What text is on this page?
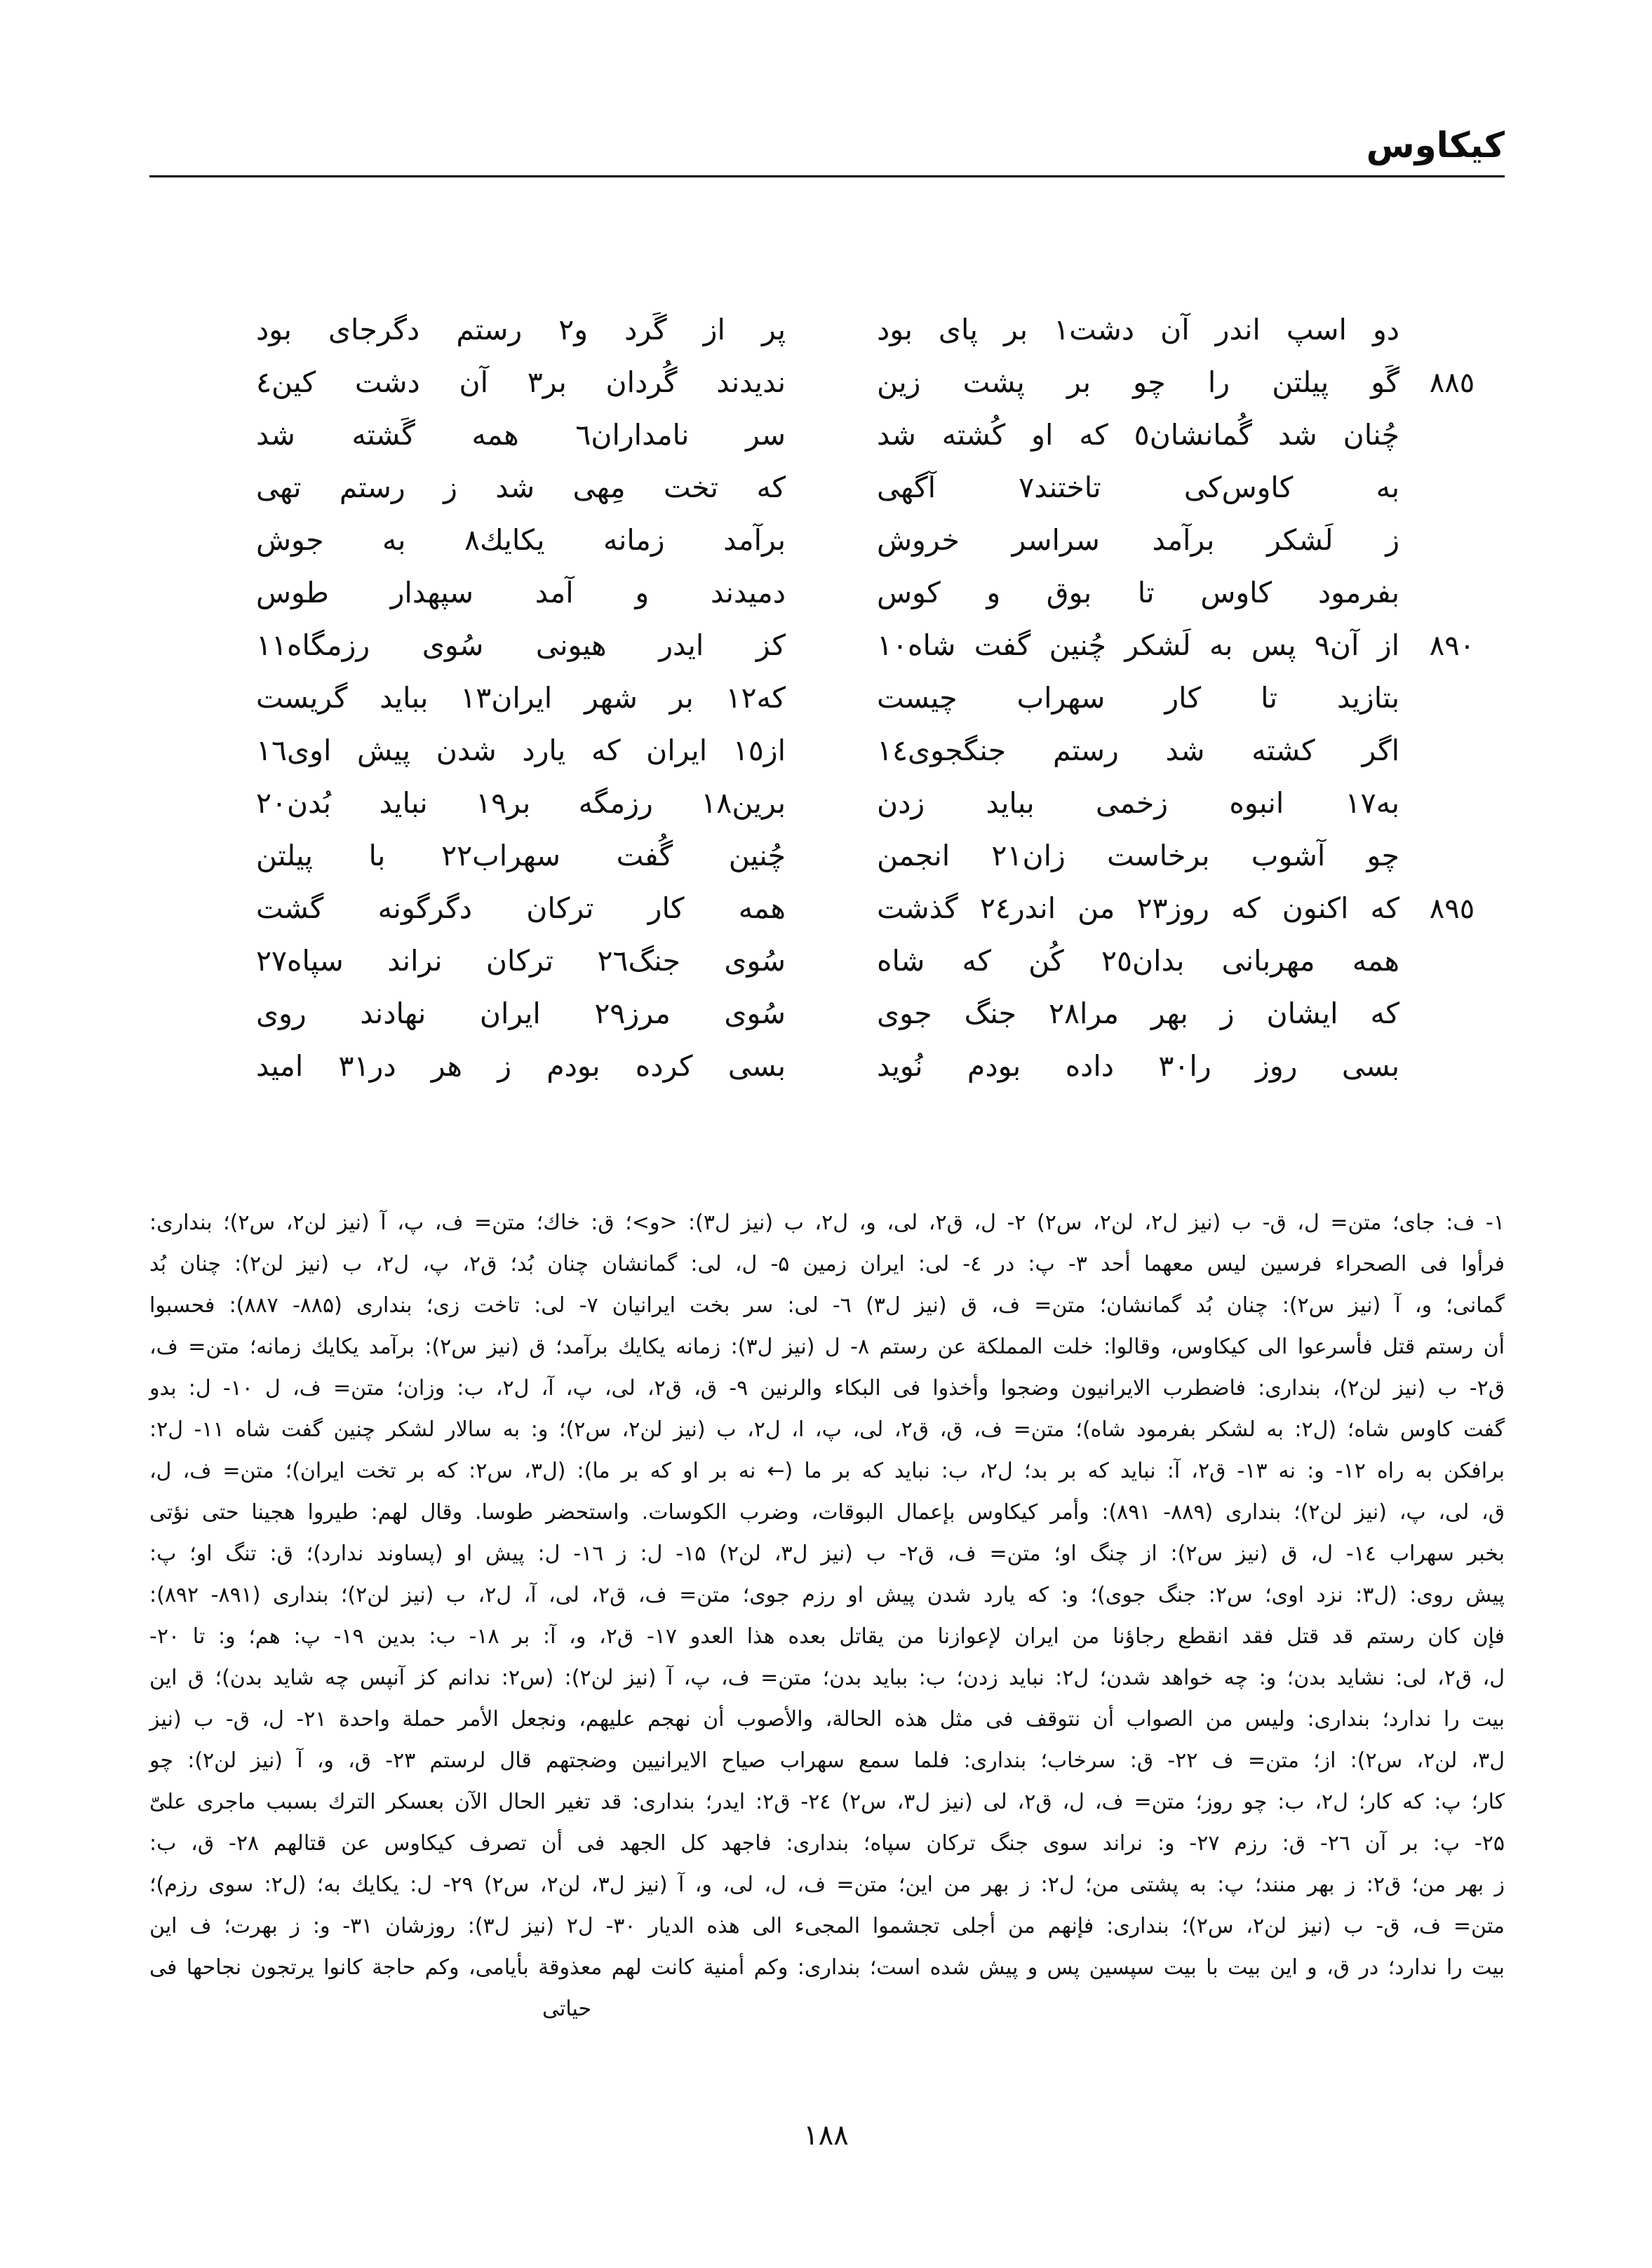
کیکاوس
دو اسپ اندر آن دشت١ بر پای بود
پر از گَرد و٢ رستم دگرجای بود
٨٨٥
گَو پیلتن را چو بر پشت زین
ندیدند گُردان بر٣ آن دشت کین٤
چُنان شد گُمانشان٥ که او کُشته شد
سر نامداران٦ همه گَشته شد
به کاوس‌کی تاختند٧ آگهی
که تخت مِهی شد ز رستم تهی
ز لَشکر برآمد سراسر خروش
برآمد زمانه یکایك٨ به جوش
بفرمود کاوس تا بوق و کوس
دمیدند و آمد سپهدار طوس
٨٩٠
از آن٩ پس به لَشکر چُنین گفت شاه١٠
کز ایدر هیونی سُوی رزمگاه١١
بتازید تا کار سهراب چیست
که١٢ بر شهر ایران١٣ بباید گریست
اگر کشته شد رستم جنگجوی١٤
از١٥ ایران که یارد شدن پیش اوی١٦
به١٧ انبوه زخمی بباید زدن
برین١٨ رزمگه بر١٩ نباید بُدن٢٠
چو آشوب برخاست زان٢١ انجمن
چُنین گُفت سهراب٢٢ با پیلتن
٨٩٥
که اکنون که روز٢٣ من اندر٢٤ گذشت
همه کار ترکان دگرگونه گشت
همه مهربانی بدان٢٥ کُن که شاه
سُوی جنگ٢٦ ترکان نراند سپاه٢٧
که ایشان ز بهر مرا٢٨ جنگ جوی
سُوی مرز٢٩ ایران نهادند روی
بسی روز را٣٠ داده بودم نُوید
بسی کرده بودم ز هر در٣١ امید
۱- ف: جای؛ متن= ل، ق- ب (نیز ل۲، لن۲، س۲) ۲- ل، ق۲، لی، و، ل۲، ب (نیز ل۳): <و>؛ ق: خاك؛ متن= ف، پ، آ (نیز لن۲، س۲)؛ بنداری:
فرأوا فی الصحراء فرسین لیس معهما أحد ۳- پ: در ٤- لی: ایران زمین ۵- ل، لی: گمانشان چنان بُد؛ ق۲، پ، ل۲، ب (نیز لن۲): چنان بُد
گمانی؛ و، آ (نیز س۲): چنان بُد گمانشان؛ متن= ف، ق (نیز ل۳) ٦- لی: سر بخت ایرانیان ۷- لی: تاخت زی؛ بنداری (۸۸۵- ۸۸۷): فحسبوا
أن رستم قتل فأسرعوا الی کیکاوس، وقالوا: خلت المملکة عن رستم ۸- ل (نیز ل۳): زمانه یکایك برآمد؛ ق (نیز س۲): برآمد یکایك زمانه؛ متن= ف،
ق۲- ب (نیز لن۲)، بنداری: فاضطرب الایرانیون وضجوا وأخذوا فی البکاء والرنین ۹- ق، ق۲، لی، پ، آ، ل۲، ب: وزان؛ متن= ف، ل ۱۰- ل: بدو
گفت کاوس شاه؛ (ل۲: به لشکر بفرمود شاه)؛ متن= ف، ق، ق۲، لی، پ، ا، ل۲، ب (نیز لن۲، س۲)؛ و: به سالار لشکر چنین گفت شاه ۱۱- ل۲:
برافکن به راه ۱۲- و: نه ۱۳- ق۲، آ: نباید که بر بد؛ ل۲، ب: نباید که بر ما (← نه بر او که بر ما): (ل۳، س۲: که بر تخت ایران)؛ متن= ف، ل،
ق، لی، پ، (نیز لن۲)؛ بنداری (۸۸۹- ۸۹۱): وأمر کیکاوس بإعمال البوقات، وضرب الکوسات. واستحضر طوسا. وقال لهم: طیروا هجینا حتی نؤتی
بخبر سهراب ۱٤- ل، ق (نیز س۲): از چنگ او؛ متن= ف، ق۲- ب (نیز ل۳، لن۲) ۱۵- ل: ز ۱٦- ل: پیش او (پساوند ندارد)؛ ق: تنگ او؛ پ:
پیش روی: (ل۳: نزد اوی؛ س۲: جنگ جوی)؛ و: که یارد شدن پیش او رزم جوی؛ متن= ف، ق۲، لی، آ، ل۲، ب (نیز لن۲)؛ بنداری (۸۹۱- ۸۹۲):
فإن کان رستم قد قتل فقد انقطع رجاؤنا من ایران لإعوازنا من یقاتل بعده هذا العدو ۱۷- ق۲، و، آ: بر ۱۸- ب: بدین ۱۹- پ: هم؛ و: تا ۲۰-
ل، ق۲، لی: نشاید بدن؛ و: چه خواهد شدن؛ ل۲: نباید زدن؛ ب: بباید بدن؛ متن= ف، پ، آ (نیز لن۲): (س۲: ندانم کز آنپس چه شاید بدن)؛ ق این
بیت را ندارد؛ بنداری: ولیس من الصواب أن نتوقف فی مثل هذه الحالة، والأصوب أن نهجم علیهم، ونجعل الأمر حملة واحدة ۲۱- ل، ق- ب (نیز
ل۳، لن۲، س۲): از؛ متن= ف ۲۲- ق: سرخاب؛ بنداری: فلما سمع سهراب صیاح الایرانیین وضجتهم قال لرستم ۲۳- ق، و، آ (نیز لن۲): چو
کار؛ پ: که کار؛ ل۲، ب: چو روز؛ متن= ف، ل، ق۲، لی (نیز ل۳، س۲) ۲٤- ق۲: ایدر؛ بنداری: قد تغیر الحال الآن بعسکر الترك بسبب ماجری علیّ
۲۵- پ: بر آن ۲٦- ق: رزم ۲۷- و: نراند سوی جنگ ترکان سپاه؛ بنداری: فاجهد کل الجهد فی أن تصرف کیکاوس عن قتالهم ۲۸- ق، ب:
ز بهر من؛ ق۲: ز بهر منند؛ پ: به پشتی من؛ ل۲: ز بهر من این؛ متن= ف، ل، لی، و، آ (نیز ل۳، لن۲، س۲) ۲۹- ل: یکایك به؛ (ل۲: سوی رزم)؛
متن= ف، ق- ب (نیز لن۲، س۲)؛ بنداری: فإنهم من أجلی تجشموا المجیء الی هذه الدیار ۳۰- ل۲ (نیز ل۳): روزشان ۳۱- و: ز بهرت؛ ف این
بیت را ندارد؛ در ق، و این بیت با بیت سپسین پس و پیش شده است؛ بنداری: وکم أمنیة کانت لهم معذوقة بأیامی، وکم حاجة کانوا یرتجون نجاحها فی
حیاتی
١٨٨
